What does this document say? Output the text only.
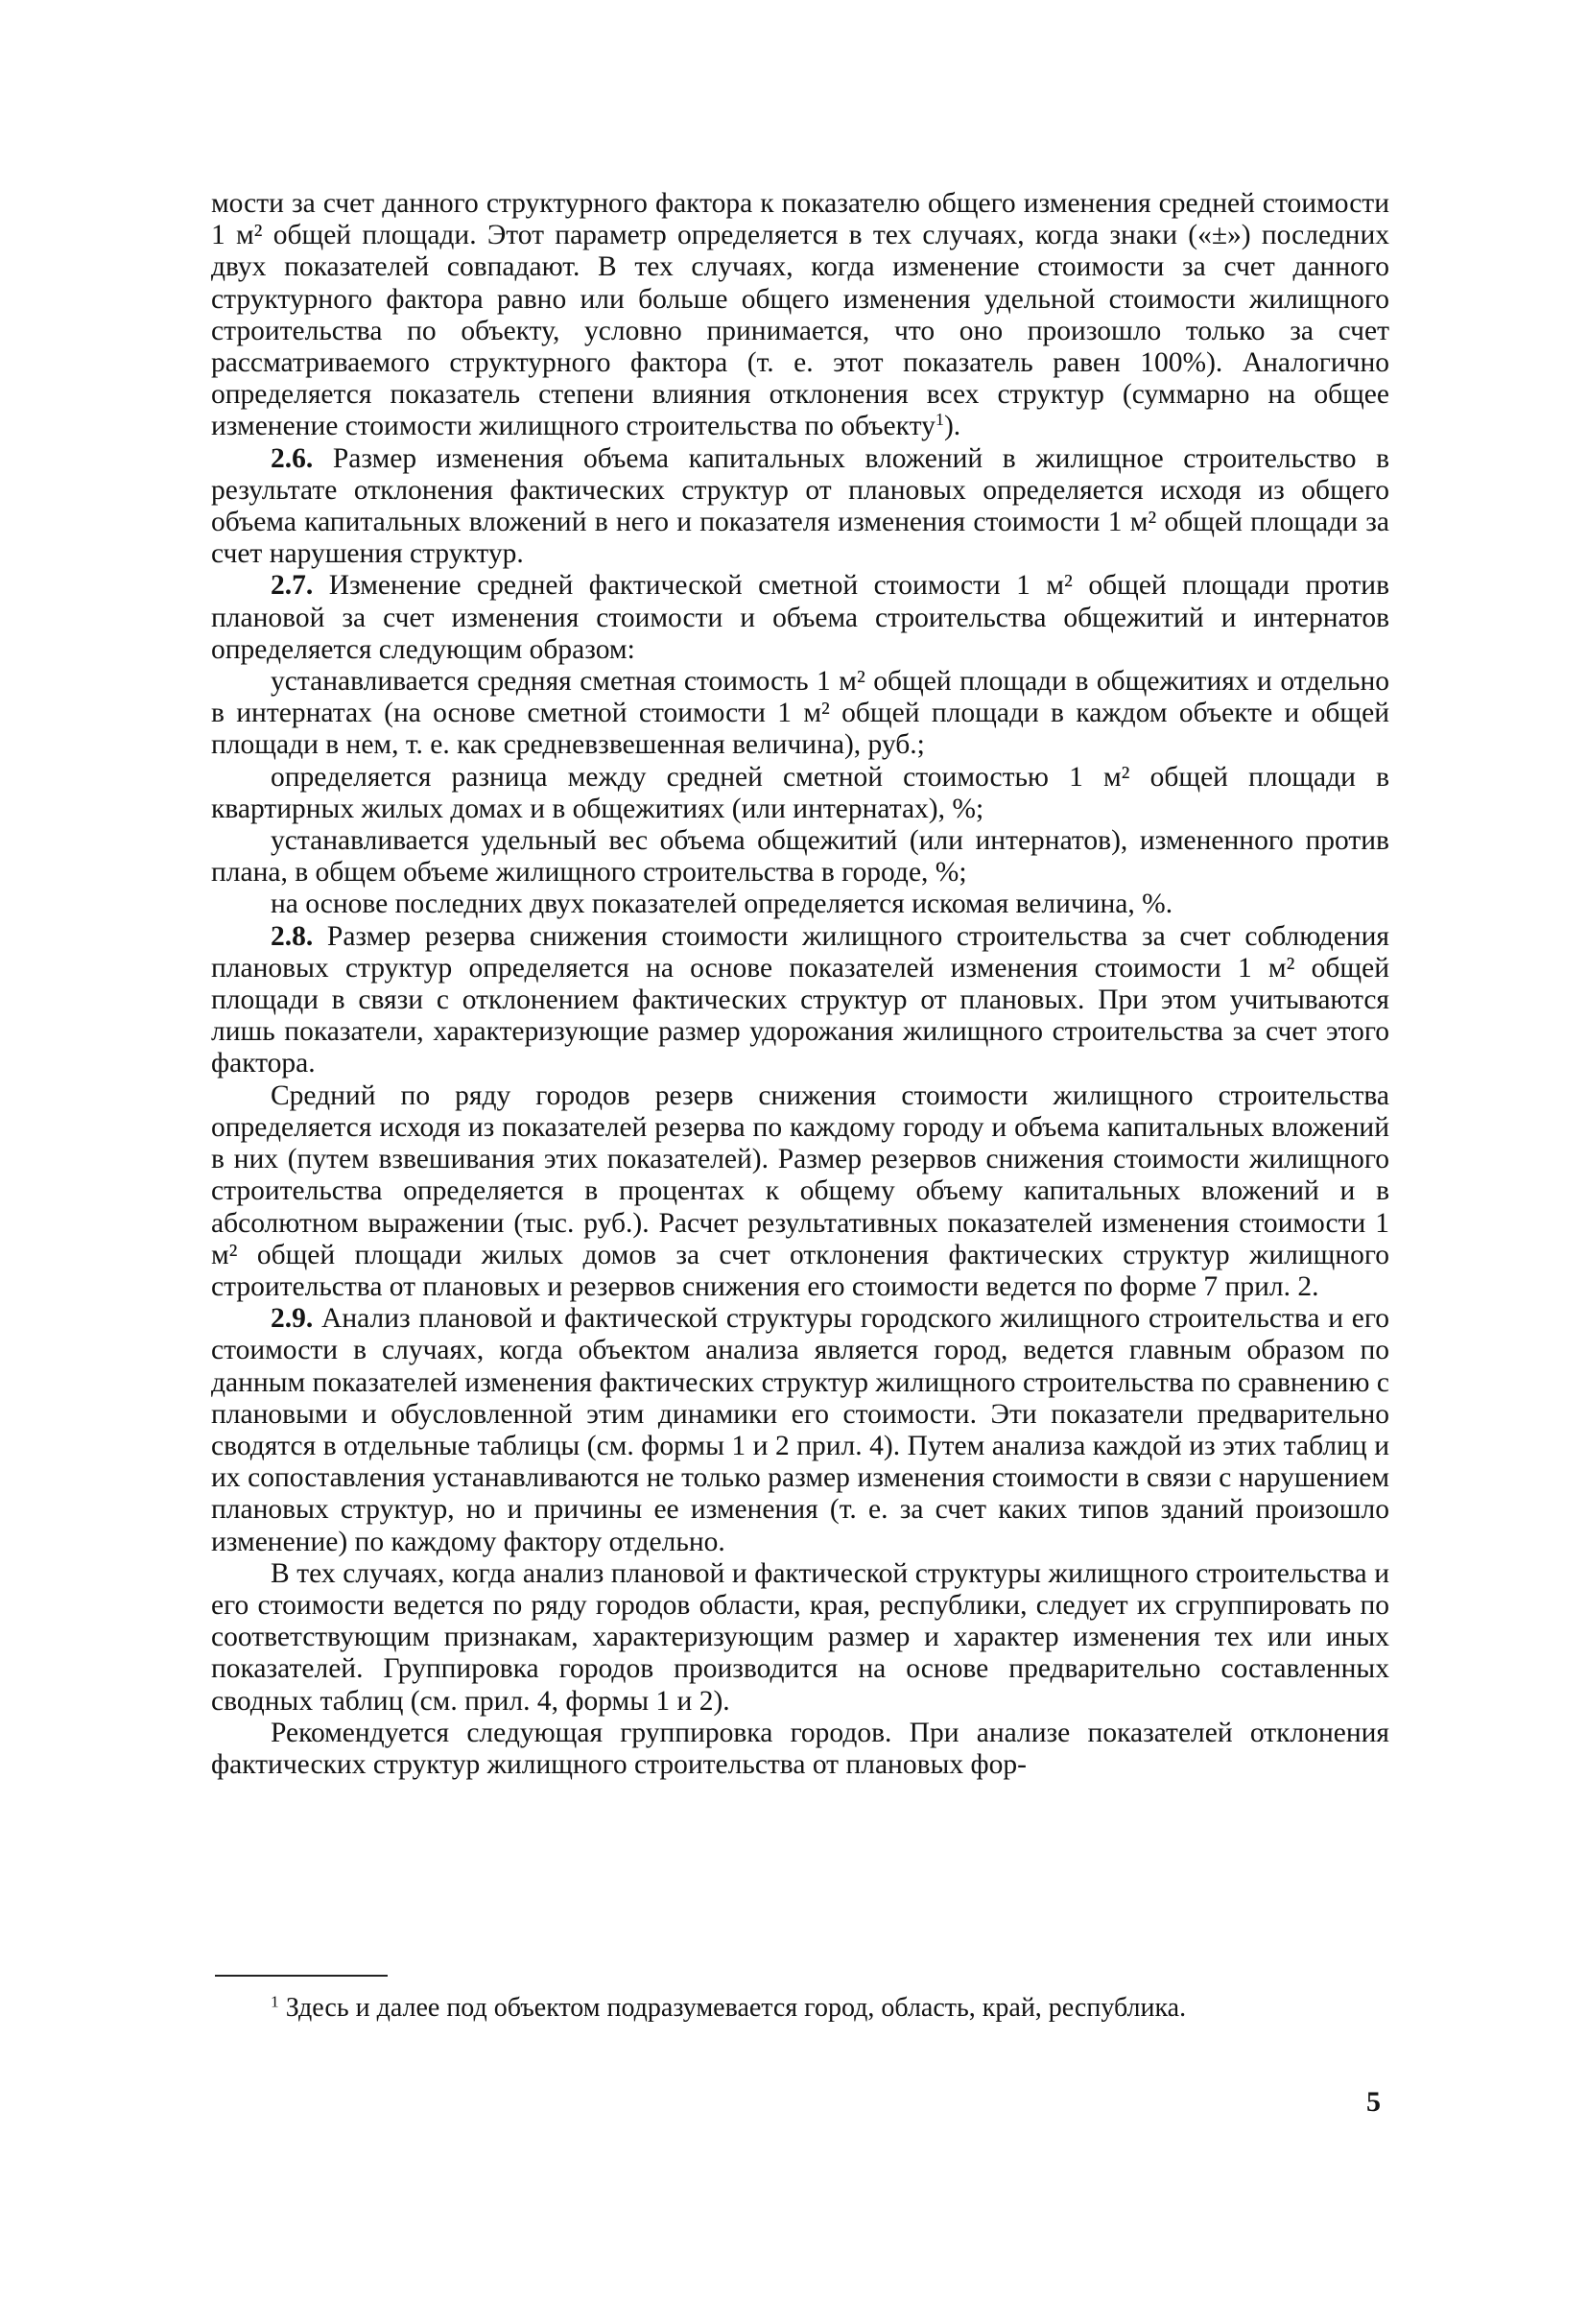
мости за счет данного структурного фактора к показателю общего изменения средней стоимости 1 м² общей площади. Этот параметр определяется в тех случаях, когда знаки («±») последних двух показателей совпадают. В тех случаях, когда изменение стоимости за счет данного структурного фактора равно или больше общего изменения удельной стоимости жилищного строительства по объекту, условно принимается, что оно произошло только за счет рассматриваемого структурного фактора (т. е. этот показатель равен 100%). Аналогично определяется показатель степени влияния отклонения всех структур (суммарно на общее изменение стоимости жилищного строительства по объекту$^1$).

2.6. Размер изменения объема капитальных вложений в жилищное строительство в результате отклонения фактических структур от плановых определяется исходя из общего объема капитальных вложений в него и показателя изменения стоимости 1 м² общей площади за счет нарушения структур.

2.7. Изменение средней фактической сметной стоимости 1 м² общей площади против плановой за счет изменения стоимости и объема строительства общежитий и интернатов определяется следующим образом:

устанавливается средняя сметная стоимость 1 м² общей площади в общежитиях и отдельно в интернатах (на основе сметной стоимости 1 м² общей площади в каждом объекте и общей площади в нем, т. е. как средневзвешенная величина), руб.;

определяется разница между средней сметной стоимостью 1 м² общей площади в квартирных жилых домах и в общежитиях (или интернатах), %;

устанавливается удельный вес объема общежитий (или интернатов), измененного против плана, в общем объеме жилищного строительства в городе, %;

на основе последних двух показателей определяется искомая величина, %.

2.8. Размер резерва снижения стоимости жилищного строительства за счет соблюдения плановых структур определяется на основе показателей изменения стоимости 1 м² общей площади в связи с отклонением фактических структур от плановых. При этом учитываются лишь показатели, характеризующие размер удорожания жилищного строительства за счет этого фактора.

Средний по ряду городов резерв снижения стоимости жилищного строительства определяется исходя из показателей резерва по каждому городу и объема капитальных вложений в них (путем взвешивания этих показателей). Размер резервов снижения стоимости жилищного строительства определяется в процентах к общему объему капитальных вложений и в абсолютном выражении (тыс. руб.). Расчет результативных показателей изменения стоимости 1 м² общей площади жилых домов за счет отклонения фактических структур жилищного строительства от плановых и резервов снижения его стоимости ведется по форме 7 прил. 2.

2.9. Анализ плановой и фактической структуры городского жилищного строительства и его стоимости в случаях, когда объектом анализа является город, ведется главным образом по данным показателей изменения фактических структур жилищного строительства по сравнению с плановыми и обусловленной этим динамики его стоимости. Эти показатели предварительно сводятся в отдельные таблицы (см. формы 1 и 2 прил. 4). Путем анализа каждой из этих таблиц и их сопоставления устанавливаются не только размер изменения стоимости в связи с нарушением плановых структур, но и причины ее изменения (т. е. за счет каких типов зданий произошло изменение) по каждому фактору отдельно.

В тех случаях, когда анализ плановой и фактической структуры жилищного строительства и его стоимости ведется по ряду городов области, края, республики, следует их сгруппировать по соответствующим признакам, характеризующим размер и характер изменения тех или иных показателей. Группировка городов производится на основе предварительно составленных сводных таблиц (см. прил. 4, формы 1 и 2).

Рекомендуется следующая группировка городов. При анализе показателей отклонения фактических структур жилищного строительства от плановых фор-

$^1$ Здесь и далее под объектом подразумевается город, область, край, республика.

5
